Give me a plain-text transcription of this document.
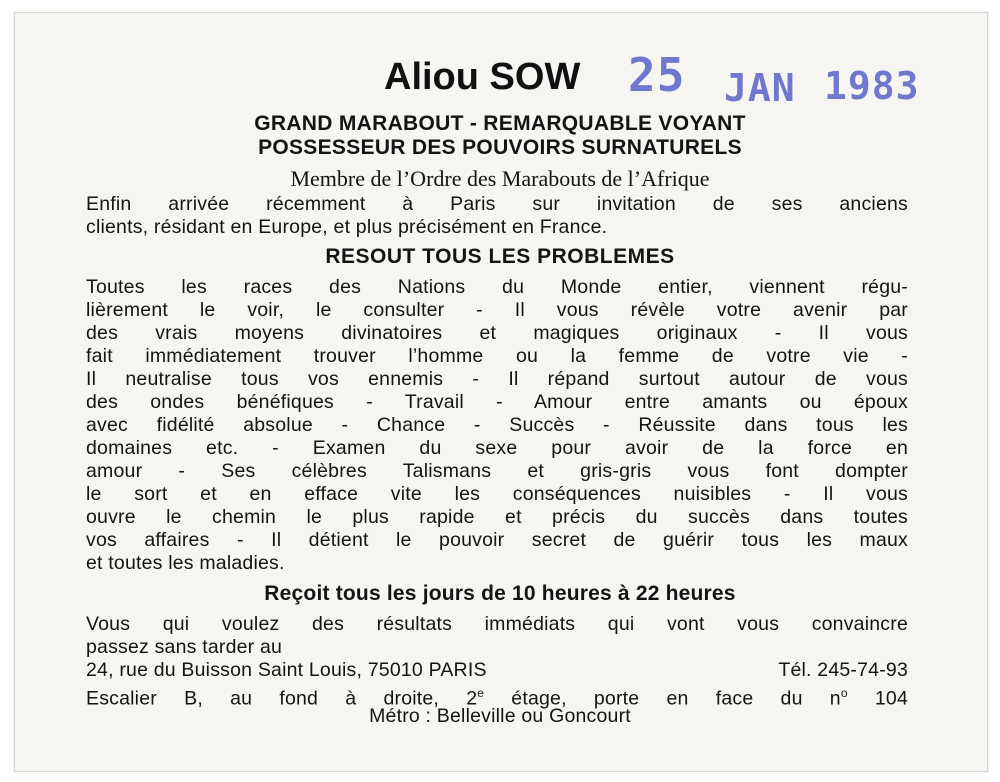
25 JAN 1983
Aliou SOW
GRAND MARABOUT - REMARQUABLE VOYANT
POSSESSEUR DES POUVOIRS SURNATURELS
Membre de l’Ordre des Marabouts de l’Afrique
Enfin arrivée récemment à Paris sur invitation de ses anciens
clients, résidant en Europe, et plus précisément en France.
RESOUT TOUS LES PROBLEMES
Toutes les races des Nations du Monde entier, viennent régu-
lièrement le voir, le consulter - Il vous révèle votre avenir par
des vrais moyens divinatoires et magiques originaux - Il vous
fait immédiatement trouver l’homme ou la femme de votre vie -
Il neutralise tous vos ennemis - Il répand surtout autour de vous
des ondes bénéfiques - Travail - Amour entre amants ou époux
avec fidélité absolue - Chance - Succès - Réussite dans tous les
domaines etc. - Examen du sexe pour avoir de la force en
amour - Ses célèbres Talismans et gris-gris vous font dompter
le sort et en efface vite les conséquences nuisibles - Il vous
ouvre le chemin le plus rapide et précis du succès dans toutes
vos affaires - Il détient le pouvoir secret de guérir tous les maux
et toutes les maladies.
Reçoit tous les jours de 10 heures à 22 heures
Vous qui voulez des résultats immédiats qui vont vous convaincre
passez sans tarder au
24, rue du Buisson Saint Louis, 75010 PARIS	Tél. 245-74-93
Escalier B, au fond à droite, 2e étage, porte en face du $n^o$ 104
Métro : Belleville ou Goncourt
